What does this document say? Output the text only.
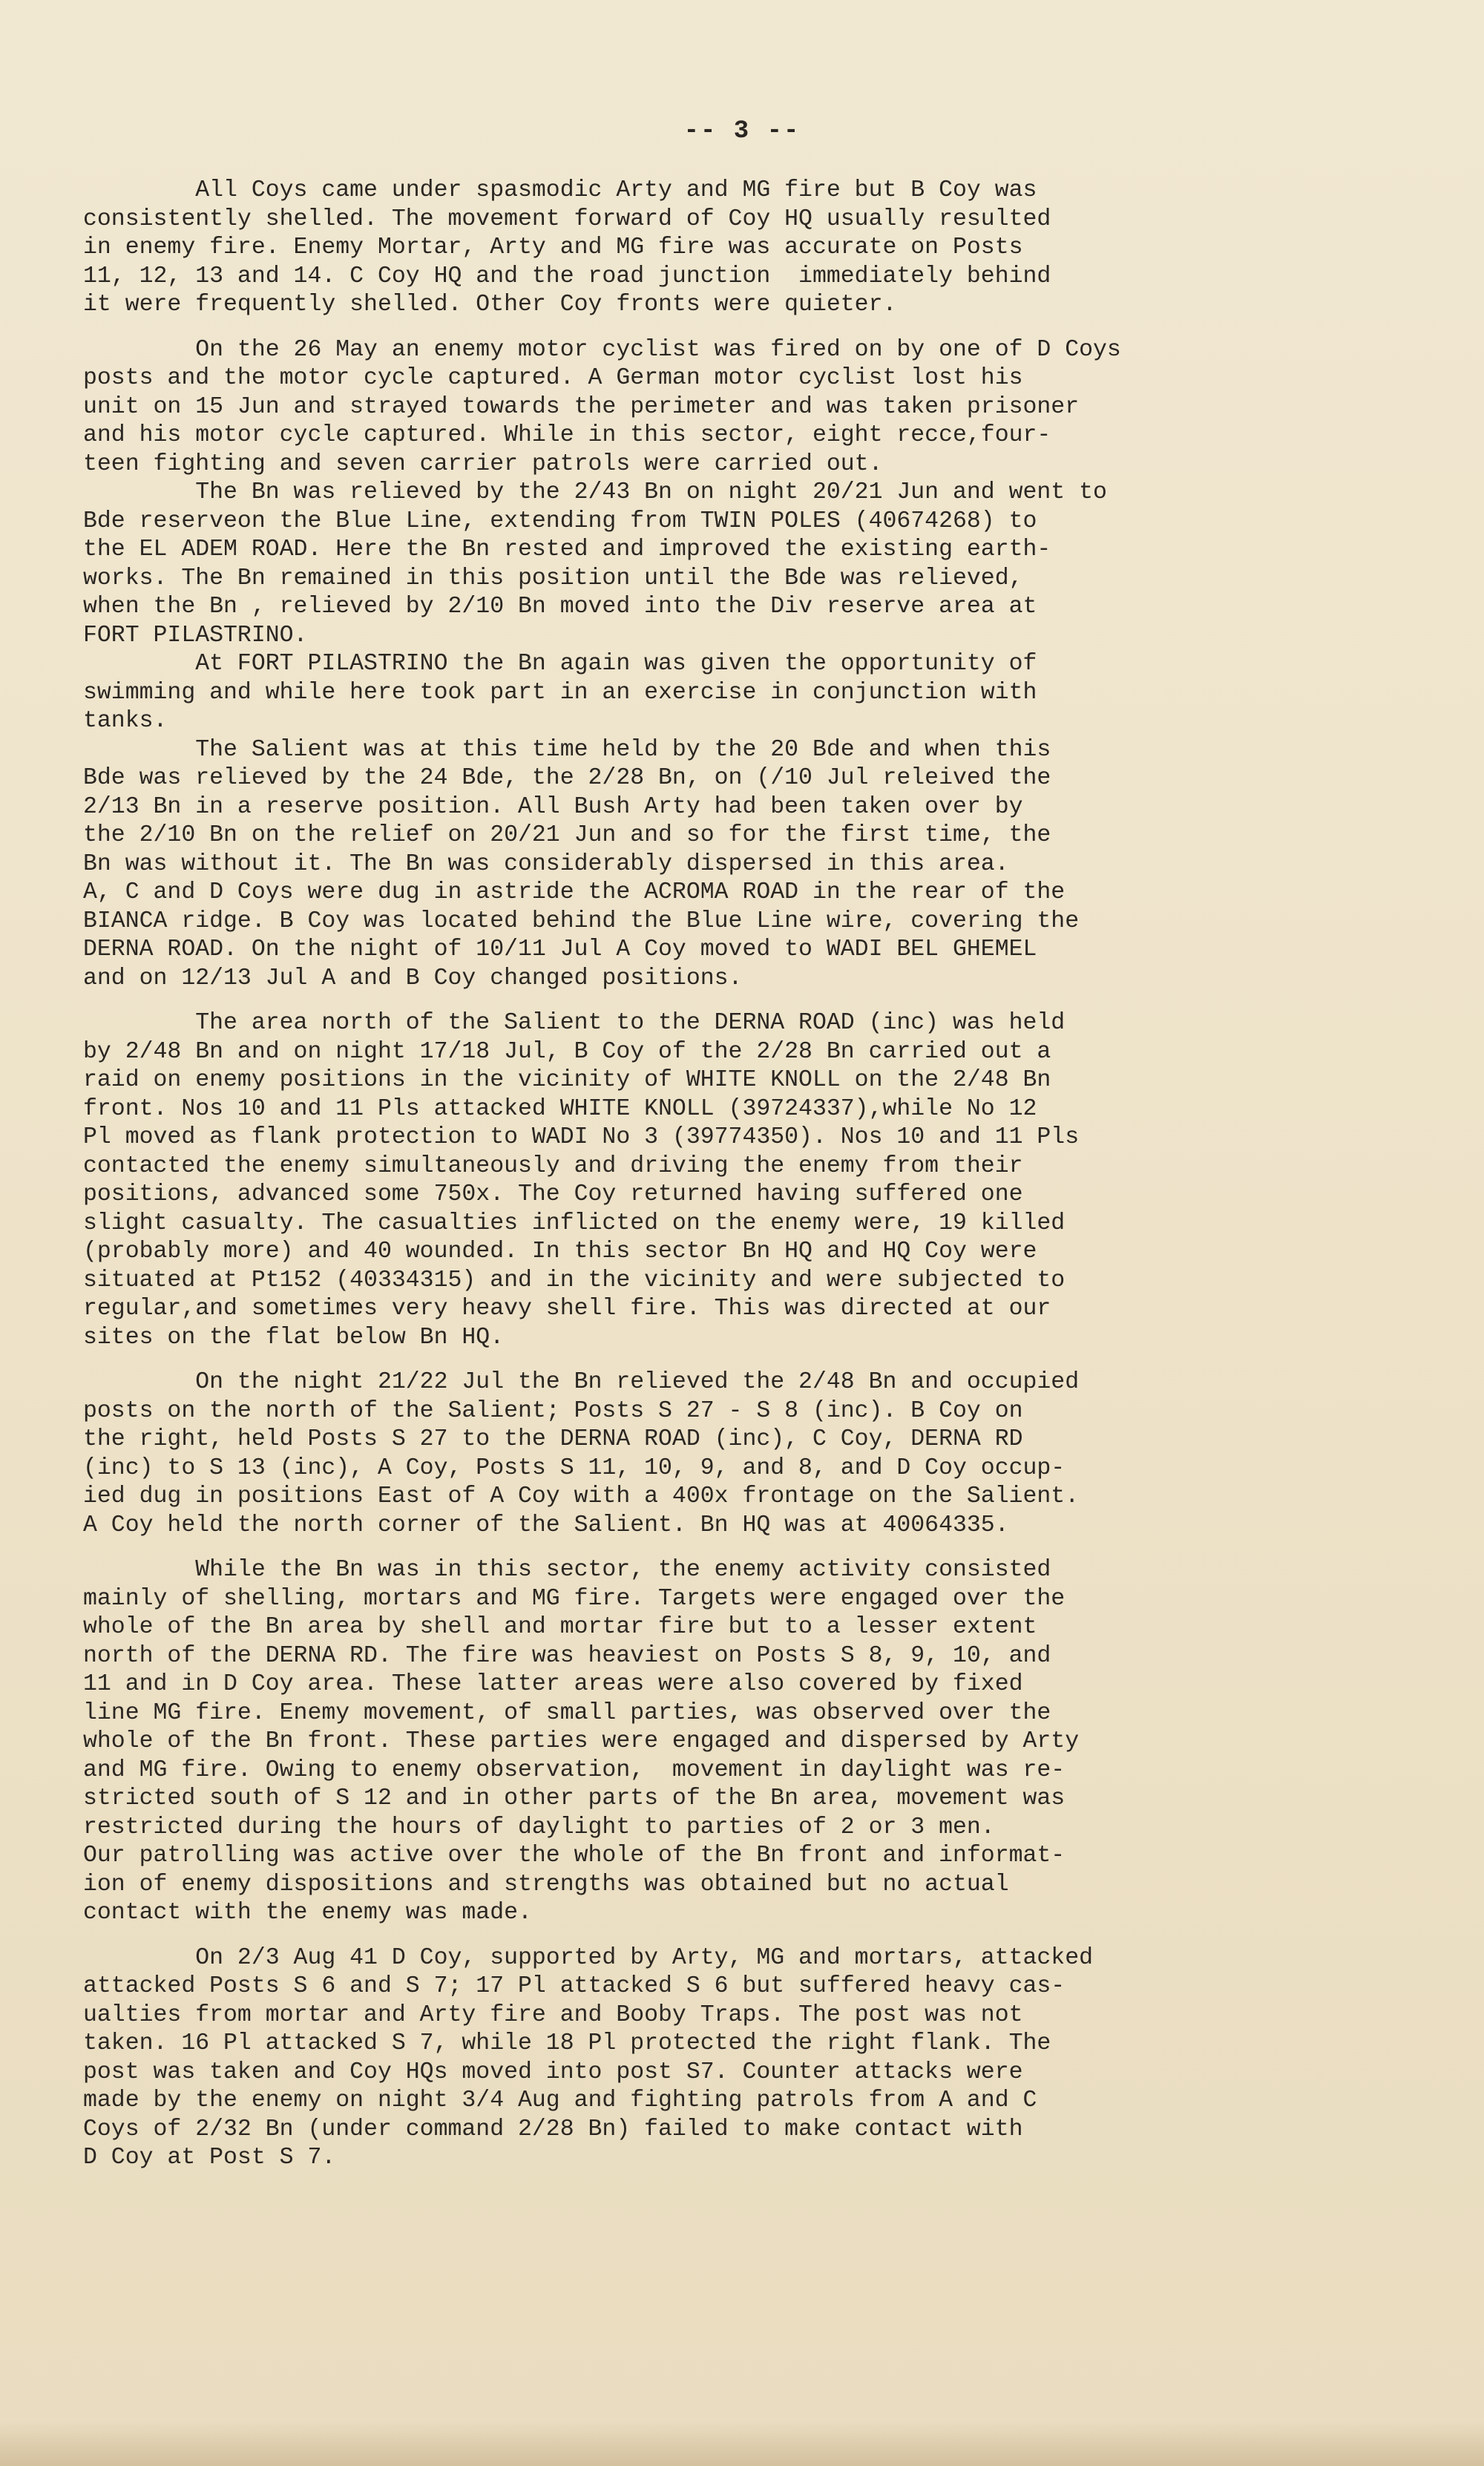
-- 3 --

All Coys came under spasmodic Arty and MG fire but B Coy was
consistently shelled. The movement forward of Coy HQ usually resulted
in enemy fire. Enemy Mortar, Arty and MG fire was accurate on Posts
11, 12, 13 and 14. C Coy HQ and the road junction  immediately behind
it were frequently shelled. Other Coy fronts were quieter.

On the 26 May an enemy motor cyclist was fired on by one of D Coys
posts and the motor cycle captured. A German motor cyclist lost his
unit on 15 Jun and strayed towards the perimeter and was taken prisoner
and his motor cycle captured. While in this sector, eight recce,four-
teen fighting and seven carrier patrols were carried out.

The Bn was relieved by the 2/43 Bn on night 20/21 Jun and went to
Bde reserveon the Blue Line, extending from TWIN POLES (40674268) to
the EL ADEM ROAD. Here the Bn rested and improved the existing earth-
works. The Bn remained in this position until the Bde was relieved,
when the Bn , relieved by 2/10 Bn moved into the Div reserve area at
FORT PILASTRINO.

At FORT PILASTRINO the Bn again was given the opportunity of
swimming and while here took part in an exercise in conjunction with
tanks.

The Salient was at this time held by the 20 Bde and when this
Bde was relieved by the 24 Bde, the 2/28 Bn, on (/10 Jul releived the
2/13 Bn in a reserve position. All Bush Arty had been taken over by
the 2/10 Bn on the relief on 20/21 Jun and so for the first time, the
Bn was without it. The Bn was considerably dispersed in this area.
A, C and D Coys were dug in astride the ACROMA ROAD in the rear of the
BIANCA ridge. B Coy was located behind the Blue Line wire, covering the
DERNA ROAD. On the night of 10/11 Jul A Coy moved to WADI BEL GHEMEL
and on 12/13 Jul A and B Coy changed positions.

The area north of the Salient to the DERNA ROAD (inc) was held
by 2/48 Bn and on night 17/18 Jul, B Coy of the 2/28 Bn carried out a
raid on enemy positions in the vicinity of WHITE KNOLL on the 2/48 Bn
front. Nos 10 and 11 Pls attacked WHITE KNOLL (39724337),while No 12
Pl moved as flank protection to WADI No 3 (39774350). Nos 10 and 11 Pls
contacted the enemy simultaneously and driving the enemy from their
positions, advanced some 750x. The Coy returned having suffered one
slight casualty. The casualties inflicted on the enemy were, 19 killed
(probably more) and 40 wounded. In this sector Bn HQ and HQ Coy were
situated at Pt152 (40334315) and in the vicinity and were subjected to
regular,and sometimes very heavy shell fire. This was directed at our
sites on the flat below Bn HQ.

On the night 21/22 Jul the Bn relieved the 2/48 Bn and occupied
posts on the north of the Salient; Posts S 27 - S 8 (inc). B Coy on
the right, held Posts S 27 to the DERNA ROAD (inc), C Coy, DERNA RD
(inc) to S 13 (inc), A Coy, Posts S 11, 10, 9, and 8, and D Coy occup-
ied dug in positions East of A Coy with a 400x frontage on the Salient.
A Coy held the north corner of the Salient. Bn HQ was at 40064335.

While the Bn was in this sector, the enemy activity consisted
mainly of shelling, mortars and MG fire. Targets were engaged over the
whole of the Bn area by shell and mortar fire but to a lesser extent
north of the DERNA RD. The fire was heaviest on Posts S 8, 9, 10, and
11 and in D Coy area. These latter areas were also covered by fixed
line MG fire. Enemy movement, of small parties, was observed over the
whole of the Bn front. These parties were engaged and dispersed by Arty
and MG fire. Owing to enemy observation,  movement in daylight was re-
stricted south of S 12 and in other parts of the Bn area, movement was
restricted during the hours of daylight to parties of 2 or 3 men.
Our patrolling was active over the whole of the Bn front and informat-
ion of enemy dispositions and strengths was obtained but no actual
contact with the enemy was made.

On 2/3 Aug 41 D Coy, supported by Arty, MG and mortars, attacked
attacked Posts S 6 and S 7; 17 Pl attacked S 6 but suffered heavy cas-
ualties from mortar and Arty fire and Booby Traps. The post was not
taken. 16 Pl attacked S 7, while 18 Pl protected the right flank. The
post was taken and Coy HQs moved into post S7. Counter attacks were
made by the enemy on night 3/4 Aug and fighting patrols from A and C
Coys of 2/32 Bn (under command 2/28 Bn) failed to make contact with
D Coy at Post S 7.
